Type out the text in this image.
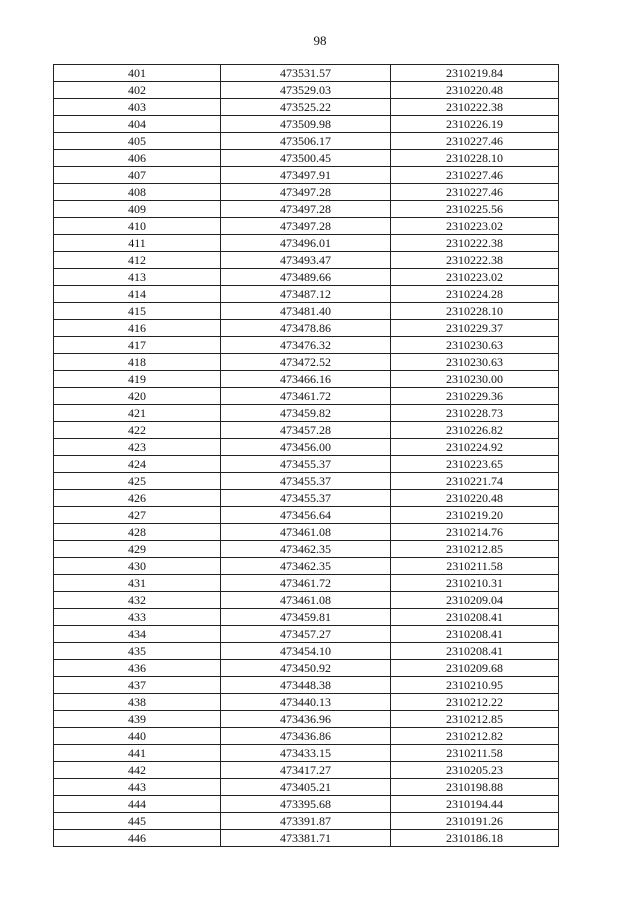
98
401	473531.57	2310219.84
402	473529.03	2310220.48
403	473525.22	2310222.38
404	473509.98	2310226.19
405	473506.17	2310227.46
406	473500.45	2310228.10
407	473497.91	2310227.46
408	473497.28	2310227.46
409	473497.28	2310225.56
410	473497.28	2310223.02
411	473496.01	2310222.38
412	473493.47	2310222.38
413	473489.66	2310223.02
414	473487.12	2310224.28
415	473481.40	2310228.10
416	473478.86	2310229.37
417	473476.32	2310230.63
418	473472.52	2310230.63
419	473466.16	2310230.00
420	473461.72	2310229.36
421	473459.82	2310228.73
422	473457.28	2310226.82
423	473456.00	2310224.92
424	473455.37	2310223.65
425	473455.37	2310221.74
426	473455.37	2310220.48
427	473456.64	2310219.20
428	473461.08	2310214.76
429	473462.35	2310212.85
430	473462.35	2310211.58
431	473461.72	2310210.31
432	473461.08	2310209.04
433	473459.81	2310208.41
434	473457.27	2310208.41
435	473454.10	2310208.41
436	473450.92	2310209.68
437	473448.38	2310210.95
438	473440.13	2310212.22
439	473436.96	2310212.85
440	473436.86	2310212.82
441	473433.15	2310211.58
442	473417.27	2310205.23
443	473405.21	2310198.88
444	473395.68	2310194.44
445	473391.87	2310191.26
446	473381.71	2310186.18
